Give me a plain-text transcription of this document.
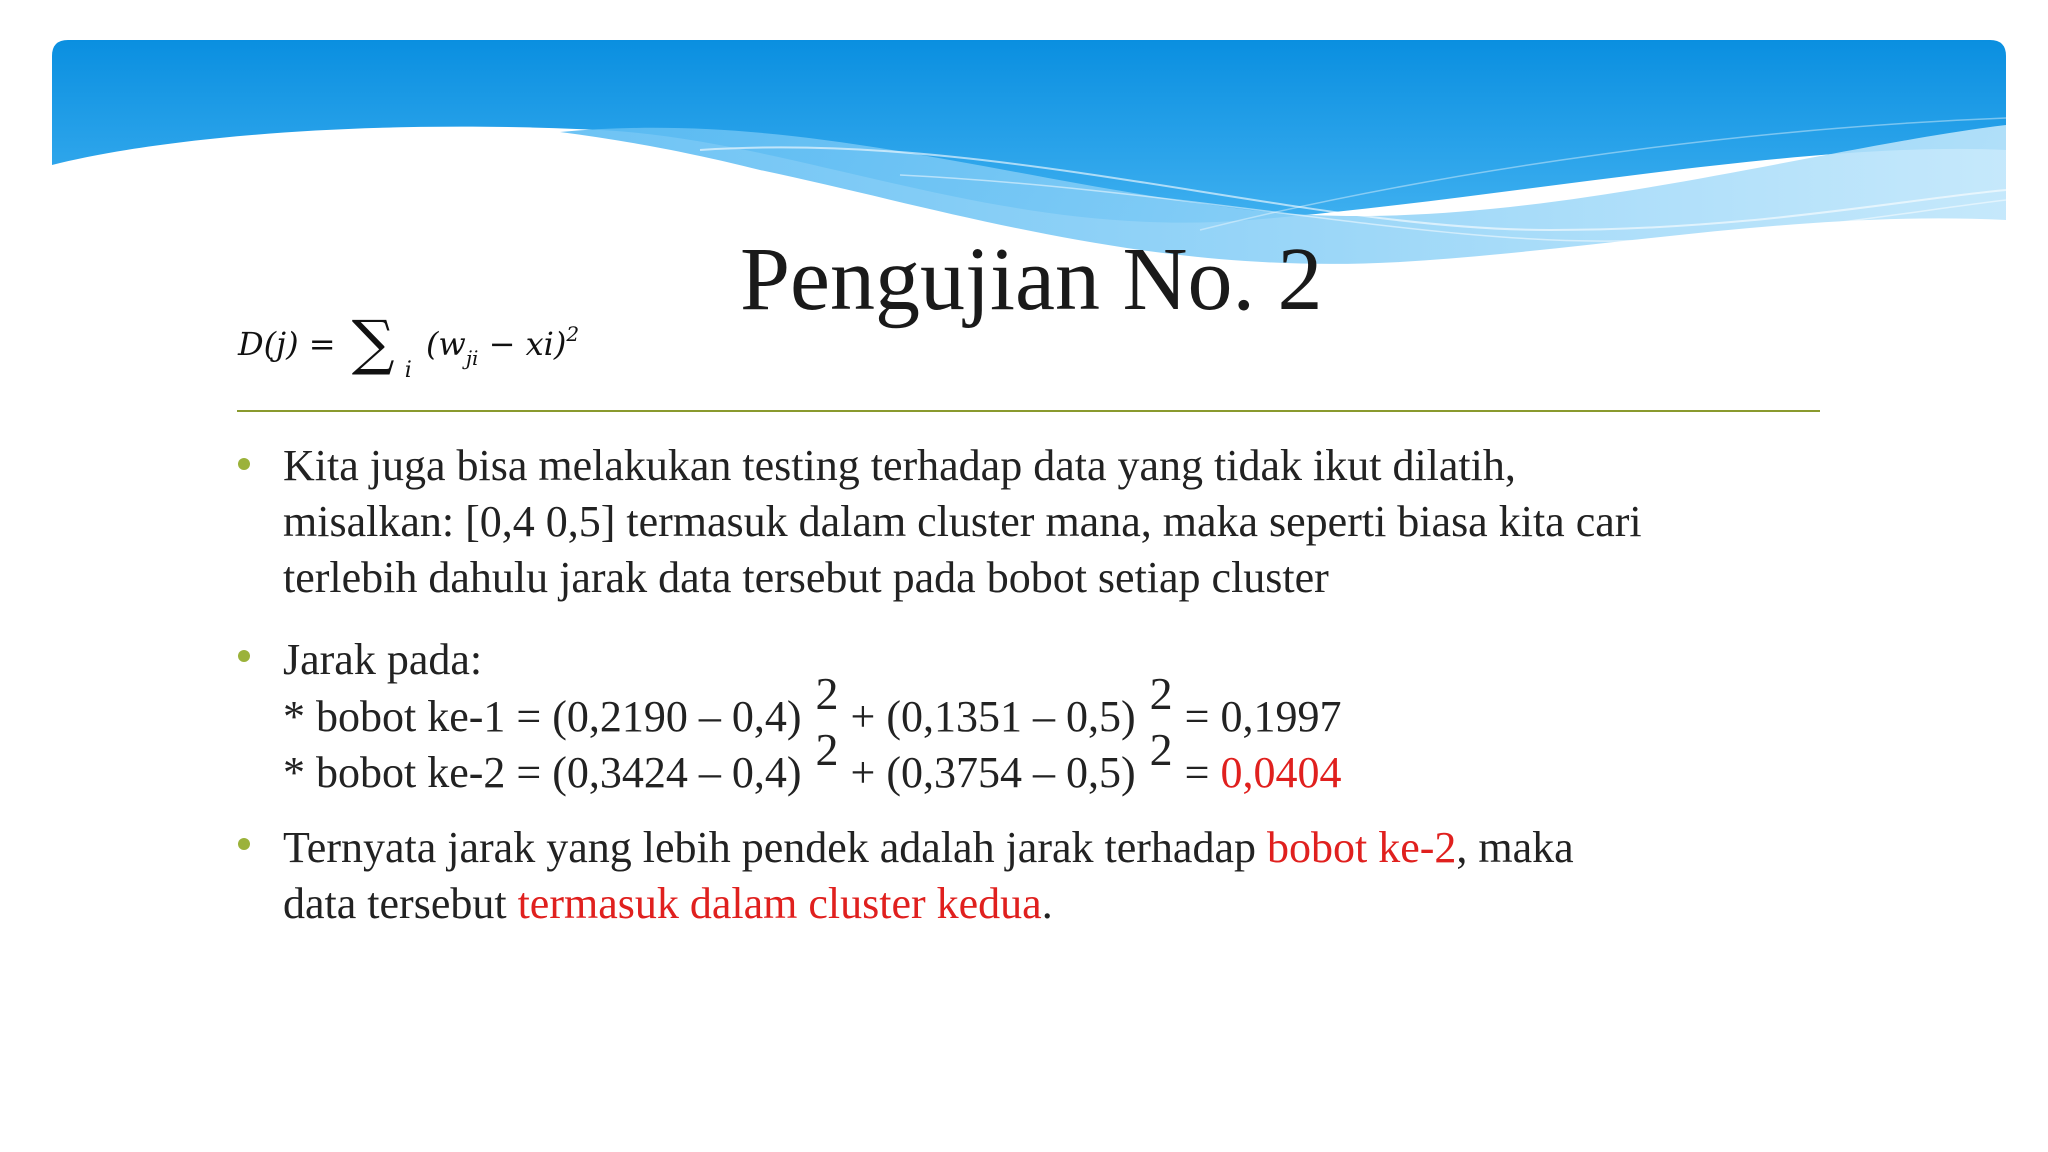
Pengujian No. 2
D(j) = ∑ $_i$ $(w_{ji} - xi)^2$
Kita juga bisa melakukan testing terhadap data yang tidak ikut dilatih,
misalkan: [0,4 0,5] termasuk dalam cluster mana, maka seperti biasa kita cari
terlebih dahulu jarak data tersebut pada bobot setiap cluster
Jarak pada:
* bobot ke-1 = (0,2190 – 0,4) 2 + (0,1351 – 0,5) 2 = 0,1997
* bobot ke-2 = (0,3424 – 0,4) 2 + (0,3754 – 0,5) 2 = 0,0404
Ternyata jarak yang lebih pendek adalah jarak terhadap bobot ke-2, maka
data tersebut termasuk dalam cluster kedua.
